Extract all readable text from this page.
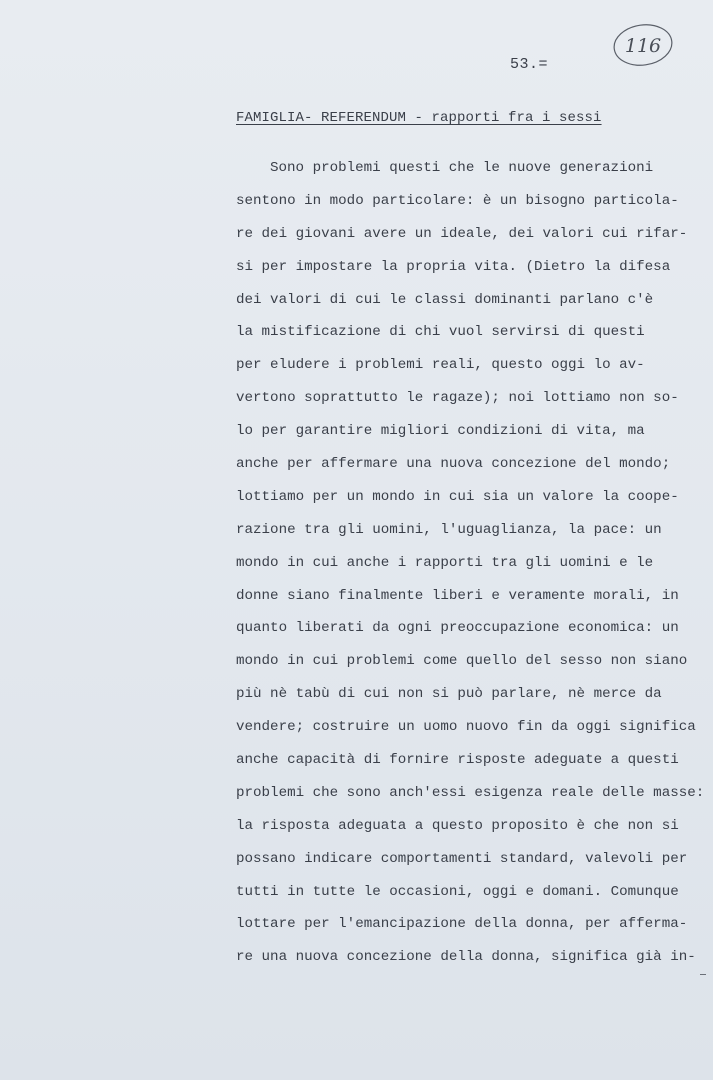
116

53.=

FAMIGLIA- REFERENDUM - rapporti fra i sessi
Sono problemi questi che le nuove generazioni
sentono in modo particolare: è un bisogno particola-
re dei giovani avere un ideale, dei valori cui rifar-
si per impostare la propria vita. (Dietro la difesa
dei valori di cui le classi dominanti parlano c'è
la mistificazione di chi vuol servirsi di questi
per eludere i problemi reali, questo oggi lo av-
vertono soprattutto le ragaze); noi lottiamo non so-
lo per garantire migliori condizioni di vita, ma
anche per affermare una nuova concezione del mondo;
lottiamo per un mondo in cui sia un valore la coope-
razione tra gli uomini, l'uguaglianza, la pace: un
mondo in cui anche i rapporti tra gli uomini e le
donne siano finalmente liberi e veramente morali, in
quanto liberati da ogni preoccupazione economica: un
mondo in cui problemi come quello del sesso non siano
più nè tabù di cui non si può parlare, nè merce da
vendere; costruire un uomo nuovo fin da oggi significa
anche capacità di fornire risposte adeguate a questi
problemi che sono anch'essi esigenza reale delle masse:
la risposta adeguata a questo proposito è che non si
possano indicare comportamenti standard, valevoli per
tutti in tutte le occasioni, oggi e domani. Comunque
lottare per l'emancipazione della donna, per afferma-
re una nuova concezione della donna, significa già in-
